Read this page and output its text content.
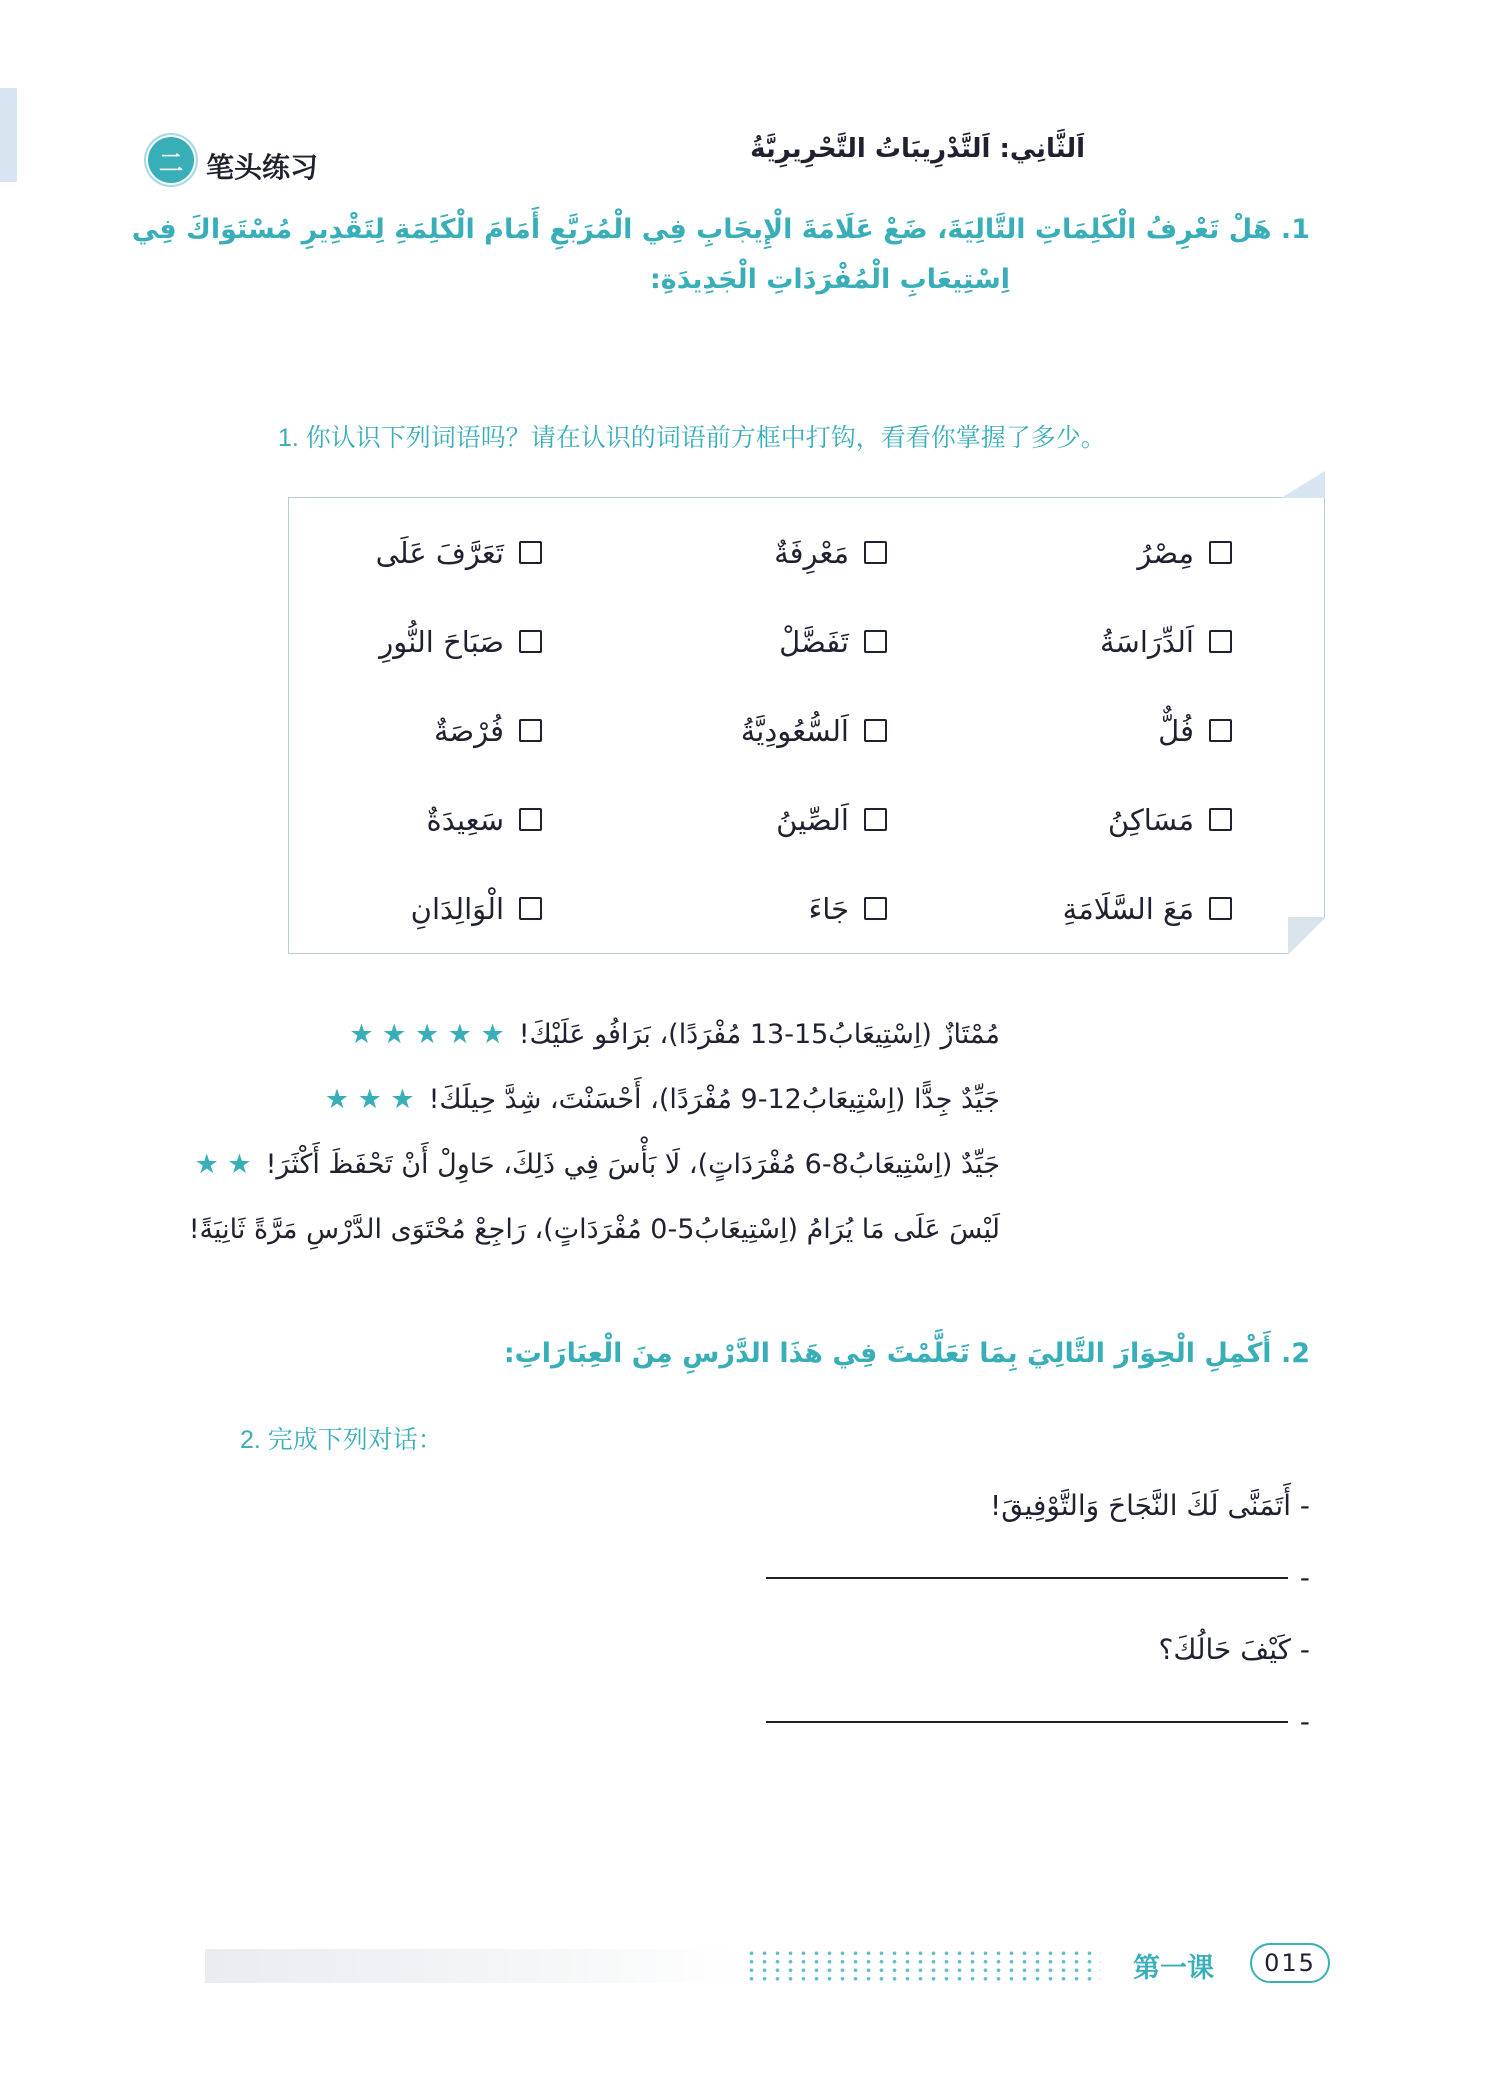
二 笔头练习
اَلثَّانِي: اَلتَّدْرِيبَاتُ التَّحْرِيرِيَّةُ
1. هَلْ تَعْرِفُ الْكَلِمَاتِ التَّالِيَةَ، ضَعْ عَلَامَةَ الْإِيجَابِ فِي الْمُرَبَّعِ أَمَامَ الْكَلِمَةِ لِتَقْدِيرِ مُسْتَوَاكَ فِي
اِسْتِيعَابِ الْمُفْرَدَاتِ الْجَدِيدَةِ:
1. 你认识下列词语吗？请在认识的词语前方框中打钩，看看你掌握了多少。
مِصْرُ
مَعْرِفَةٌ
تَعَرَّفَ عَلَى
اَلدِّرَاسَةُ
تَفَضَّلْ
صَبَاحَ النُّورِ
فُلٌّ
اَلسُّعُودِيَّةُ
فُرْصَةٌ
مَسَاكِنُ
اَلصِّينُ
سَعِيدَةٌ
مَعَ السَّلَامَةِ
جَاءَ
الْوَالِدَانِ
مُمْتَازٌ (اِسْتِيعَابُ15-13 مُفْرَدًا)، بَرَافُو عَلَيْكَ!★ ★ ★ ★ ★
جَيِّدٌ جِدًّا (اِسْتِيعَابُ12-9 مُفْرَدًا)، أَحْسَنْتَ، شِدَّ حِيلَكَ!★ ★ ★
جَيِّدٌ (اِسْتِيعَابُ8-6 مُفْرَدَاتٍ)، لَا بَأْسَ فِي ذَلِكَ، حَاوِلْ أَنْ تَحْفَظَ أَكْثَرَ!★ ★
لَيْسَ عَلَى مَا يُرَامُ (اِسْتِيعَابُ5-0 مُفْرَدَاتٍ)، رَاجِعْ مُحْتَوَى الدَّرْسِ مَرَّةً ثَانِيَةً!
2. أَكْمِلِ الْحِوَارَ التَّالِيَ بِمَا تَعَلَّمْتَ فِي هَذَا الدَّرْسِ مِنَ الْعِبَارَاتِ:
2. 完成下列对话：
- أَتَمَنَّى لَكَ النَّجَاحَ وَالتَّوْفِيقَ!
-
- كَيْفَ حَالُكَ؟
-
第一课 015
